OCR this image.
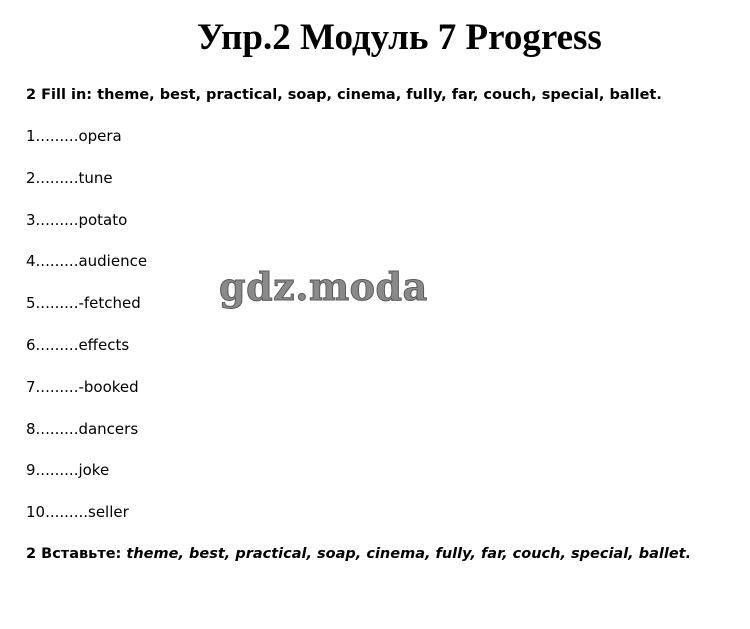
Упр.2 Модуль 7 Progress
2 Fill in: theme, best, practical, soap, cinema, fully, far, couch, special, ballet.
1.........opera
2.........tune
3.........potato
4.........audience
5.........-fetched
6.........effects
7.........-booked
8.........dancers
9.........joke
10.........seller
2 Вставьте: theme, best, practical, soap, cinema, fully, far, couch, special, ballet.
gdz.moda
